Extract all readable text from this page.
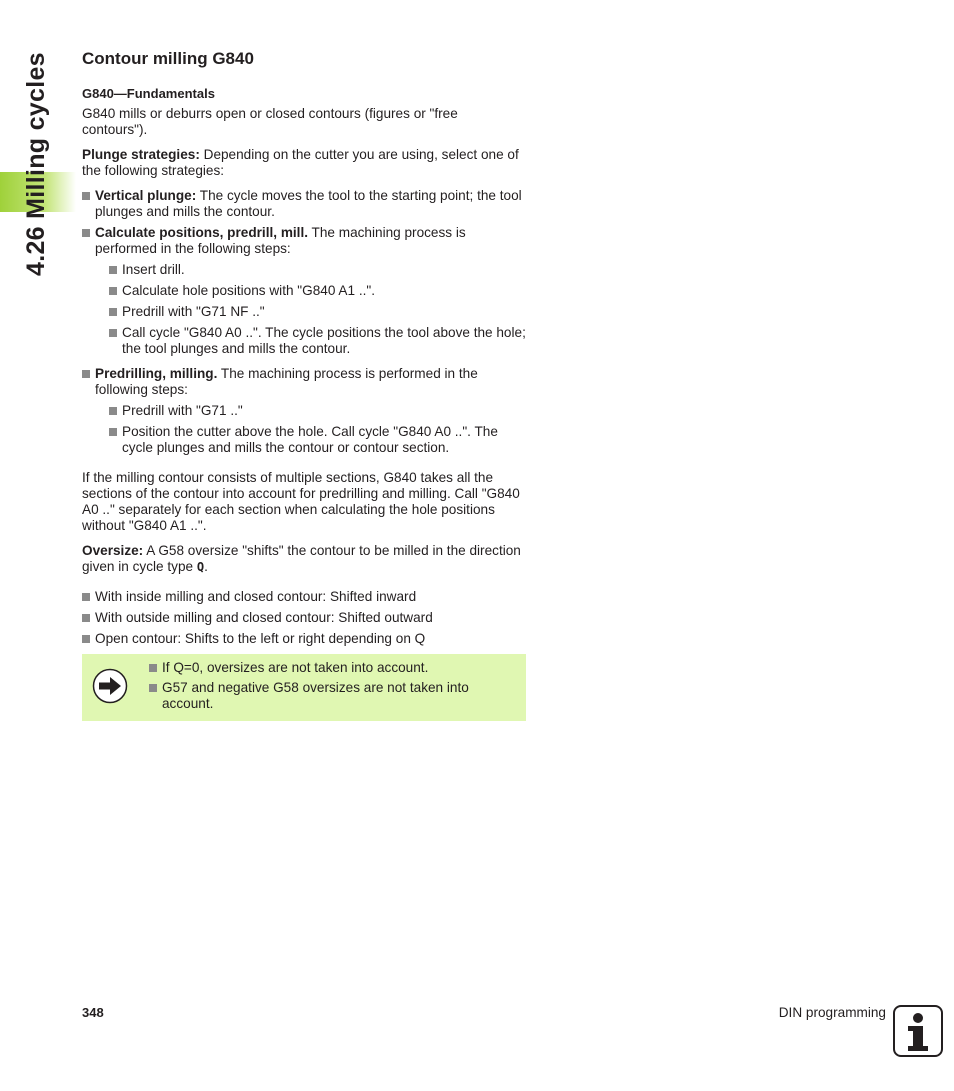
4.26 Milling cycles Contour milling G840
G840—Fundamentals

G840 mills or deburrs open or closed contours (figures or "free contours").

Plunge strategies: Depending on the cutter you are using, select one of the following strategies:

Vertical plunge: The cycle moves the tool to the starting point; the tool plunges and mills the contour.
Calculate positions, predrill, mill. The machining process is performed in the following steps:
Insert drill.
Calculate hole positions with "G840 A1 ..".
Predrill with "G71 NF .."
Call cycle "G840 A0 ..". The cycle positions the tool above the hole; the tool plunges and mills the contour.
Predrilling, milling. The machining process is performed in the following steps:
Predrill with "G71 .."
Position the cutter above the hole. Call cycle "G840 A0 ..". The cycle plunges and mills the contour or contour section.

If the milling contour consists of multiple sections, G840 takes all the sections of the contour into account for predrilling and milling. Call "G840 A0 .." separately for each section when calculating the hole positions without "G840 A1 ..".

Oversize: A G58 oversize "shifts" the contour to be milled in the direction given in cycle type Q.

With inside milling and closed contour: Shifted inward
With outside milling and closed contour: Shifted outward
Open contour: Shifts to the left or right depending on Q
If Q=0, oversizes are not taken into account.
G57 and negative G58 oversizes are not taken into account.
348	DIN programming
